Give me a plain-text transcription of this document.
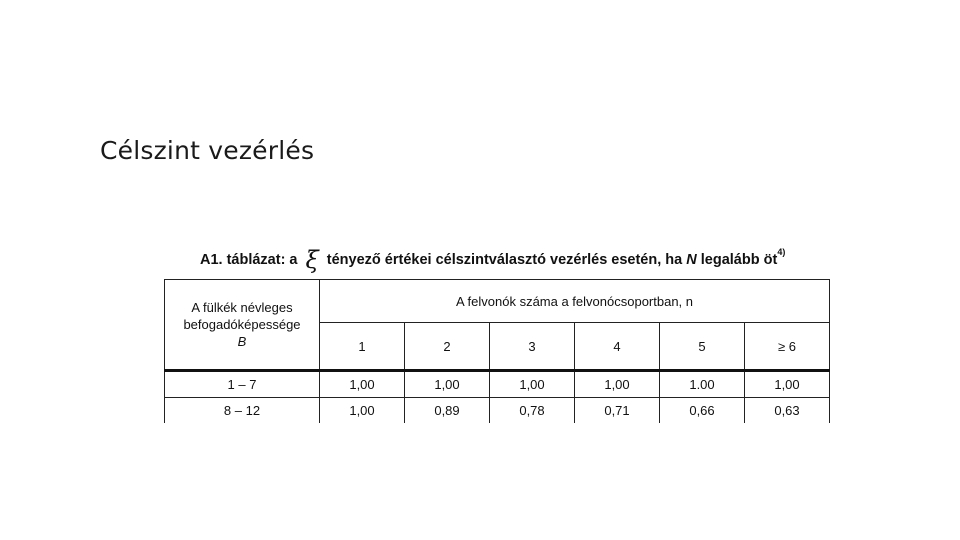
Célszint vezérlés
A1. táblázat: a ξ tényező értékei célszintválasztó vezérlés esetén, ha N legalább $öt^{4)}$
A fülkék névleges
befogadóképessége
B	A felvonók száma a felvonócsoportban, n					
	1	2	3	4	5	≥ 6
1 – 7	1,00	1,00	1,00	1,00	1.00	1,00
8 – 12	1,00	0,89	0,78	0,71	0,66	0,63
